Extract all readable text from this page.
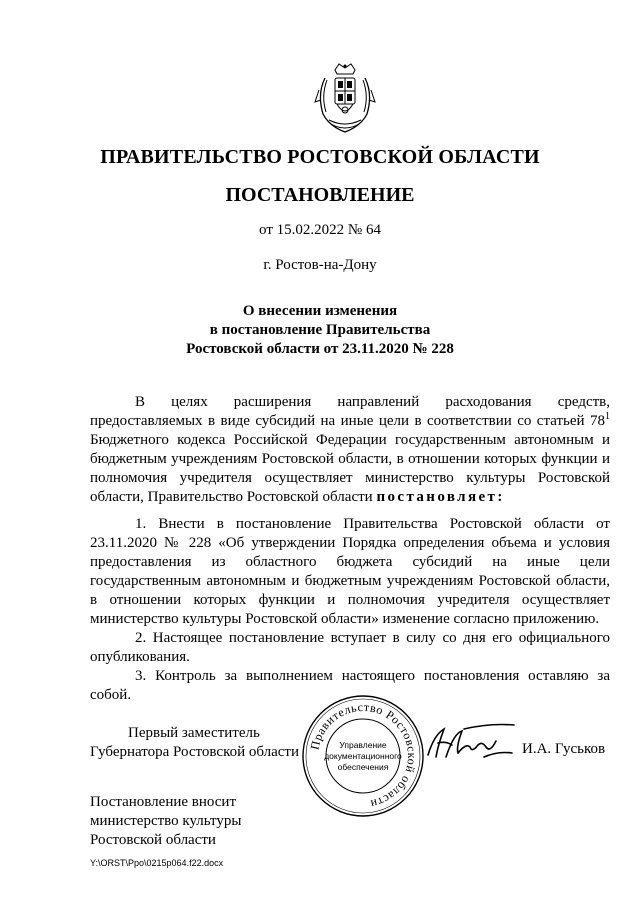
ПРАВИТЕЛЬСТВО РОСТОВСКОЙ ОБЛАСТИ
ПОСТАНОВЛЕНИЕ
от 15.02.2022 № 64
г. Ростов-на-Дону
О внесении изменения
в постановление Правительства
Ростовской области от 23.11.2020 № 228
В целях расширения направлений расходования средств, предоставляемых в виде субсидий на иные цели в соответствии со статьей $78^1$ Бюджетного кодекса Российской Федерации государственным автономным и бюджетным учреждениям Ростовской области, в отношении которых функции и полномочия учредителя осуществляет министерство культуры Ростовской области, Правительство Ростовской области постановляет:

1. Внести в постановление Правительства Ростовской области от 23.11.2020 № 228 «Об утверждении Порядка определения объема и условия предоставления из областного бюджета субсидий на иные цели государственным автономным и бюджетным учреждениям Ростовской области, в отношении которых функции и полномочия учредителя осуществляет министерство культуры Ростовской области» изменение согласно приложению.

2. Настоящее постановление вступает в силу со дня его официального опубликования.

3. Контроль за выполнением настоящего постановления оставляю за собой.

Первый заместитель
Губернатора Ростовской области Правительство Ростовской области
Управление
документационного
обеспечения
И.А. Гуськов
Постановление вносит
министерство культуры
Ростовской области
Y:\ORST\Ppo\0215p064.f22.docx
